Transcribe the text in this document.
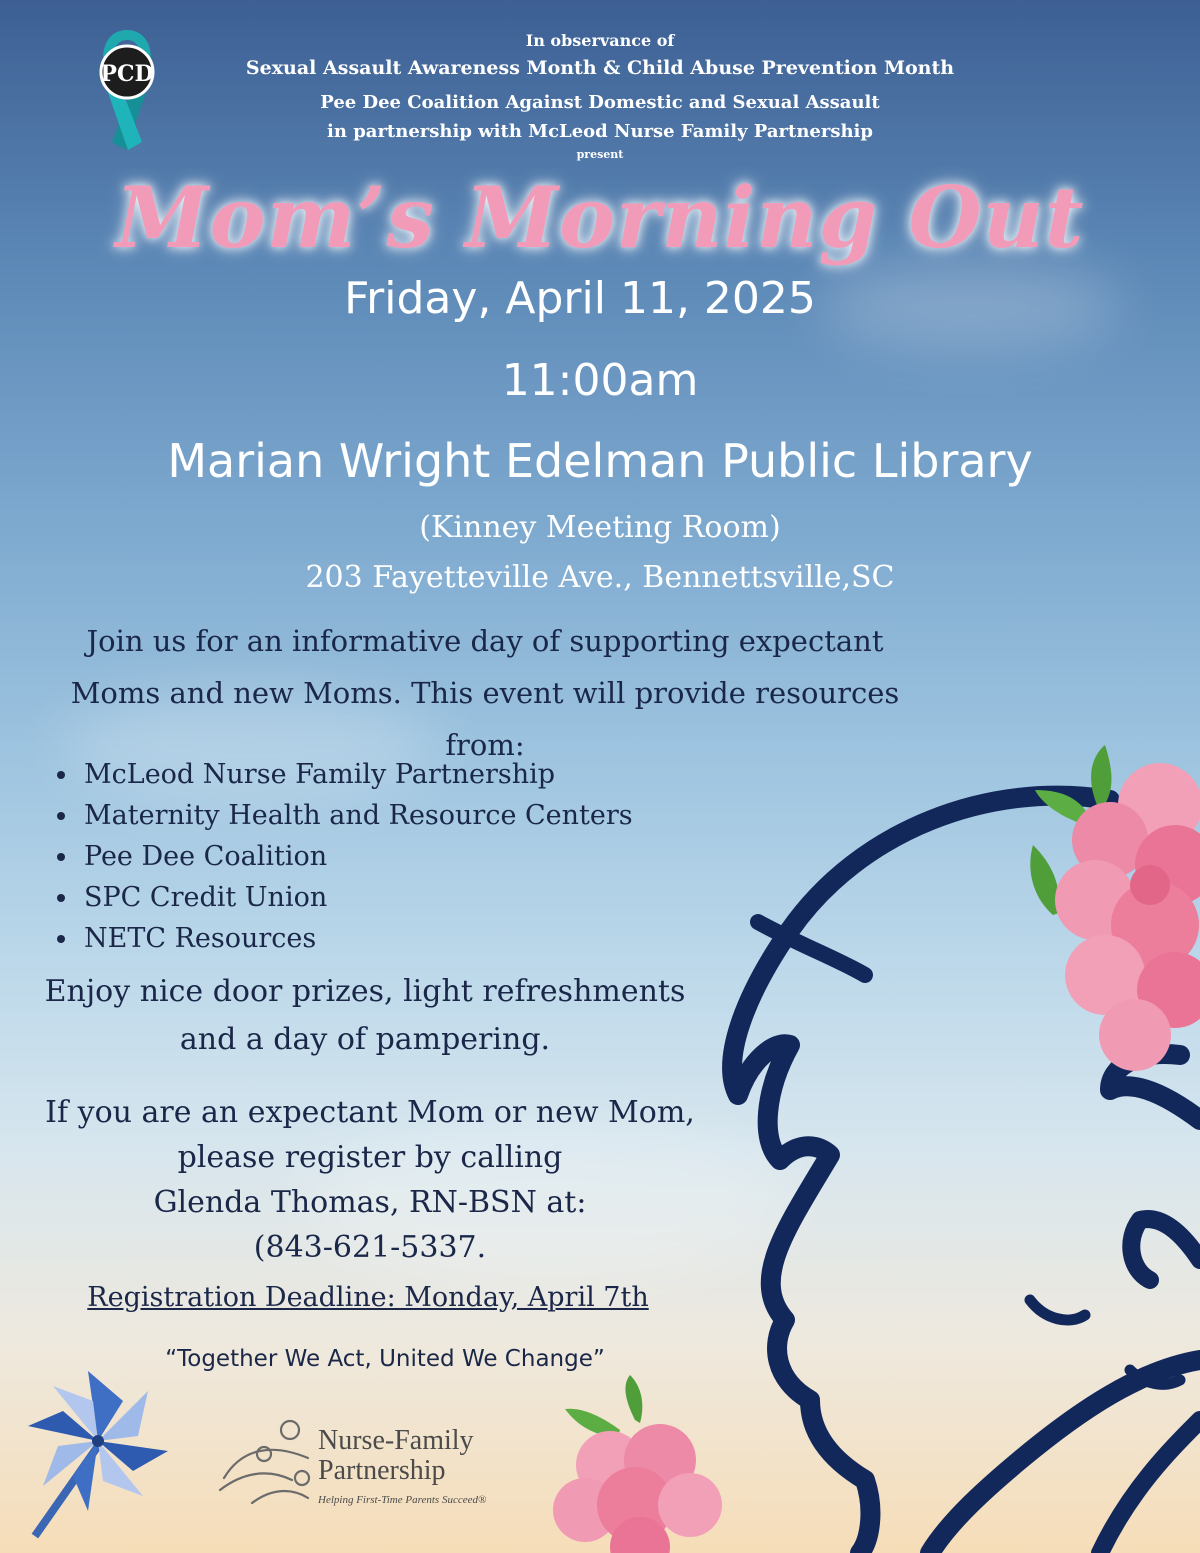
PCD

In observance of

Sexual Assault Awareness Month & Child Abuse Prevention Month

Pee Dee Coalition Against Domestic and Sexual Assault

in partnership with McLeod Nurse Family Partnership

present

Mom’s Morning Out

Friday, April 11, 2025

11:00am

Marian Wright Edelman Public Library

(Kinney Meeting Room)

203 Fayetteville Ave., Bennettsville,SC

Join us for an informative day of supporting expectant
Moms and new Moms. This event will provide resources
from:
• McLeod Nurse Family Partnership
• Maternity Health and Resource Centers
• Pee Dee Coalition
• SPC Credit Union
• NETC Resources
Enjoy nice door prizes, light refreshments
and a day of pampering.
If you are an expectant Mom or new Mom,
please register by calling
Glenda Thomas, RN-BSN at:
(843-621-5337.

Registration Deadline: Monday, April 7th

“Together We Act, United We Change”

Nurse-Family
Partnership
Helping First-Time Parents Succeed®
